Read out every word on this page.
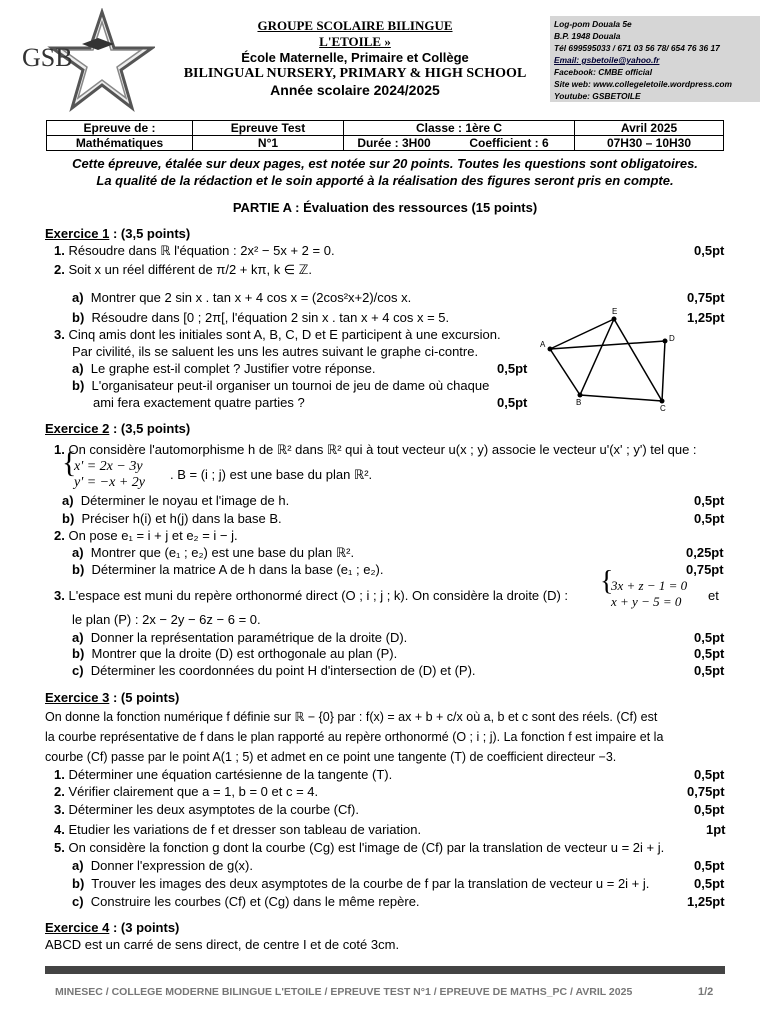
GSB
GROUPE SCOLAIRE BILINGUE
L'ETOILE »
École Maternelle, Primaire et Collège
BILINGUAL NURSERY, PRIMARY & HIGH SCHOOL
Année scolaire 2024/2025
Log-pom Douala 5e
B.P. 1948 Douala
Tél 699595033 / 671 03 56 78/ 654 76 36 17
Email: gsbetoile@yahoo.fr
Facebook: CMBE official
Site web: www.collegeletoile.wordpress.com
Youtube: GSBETOILE
Epreuve de :	Epreuve Test	Classe : 1ère C		Avril 2025
Mathématiques	N°1	Durée : 3H00	Coefficient : 6	07H30 – 10H30
Cette épreuve, étalée sur deux pages, est notée sur 20 points. Toutes les questions sont obligatoires.
La qualité de la rédaction et le soin apporté à la réalisation des figures seront pris en compte.
PARTIE A : Évaluation des ressources (15 points)
Exercice 1 : (3,5 points)
1. Résoudre dans ℝ l'équation : 2x² − 5x + 2 = 0.	0,5pt
2. Soit x un réel différent de π/2 + kπ, k ∈ ℤ.
a) Montrer que 2 sin x . tan x + 4 cos x = (2cos²x+2)/cos x.	0,75pt
b) Résoudre dans [0 ; 2π[, l'équation 2 sin x . tan x + 4 cos x = 5.	1,25pt
3. Cinq amis dont les initiales sont A, B, C, D et E participent à une excursion.
Par civilité, ils se saluent les uns les autres suivant le graphe ci-contre.
a) Le graphe est-il complet ? Justifier votre réponse.	0,5pt
b) L'organisateur peut-il organiser un tournoi de jeu de dame où chaque
ami fera exactement quatre parties ?	0,5pt
A
B
C
D
E
Exercice 2 : (3,5 points)
1. On considère l'automorphisme h de ℝ² dans ℝ² qui à tout vecteur u(x ; y) associe le vecteur u'(x' ; y') tel que :
{
x' = 2x − 3y
y' = −x + 2y
. B = (i ; j) est une base du plan ℝ².
a) Déterminer le noyau et l'image de h.	0,5pt
b) Préciser h(i) et h(j) dans la base B.	0,5pt
2. On pose e₁ = i + j et e₂ = i − j.
a) Montrer que (e₁ ; e₂) est une base du plan ℝ².	0,25pt
b) Déterminer la matrice A de h dans la base (e₁ ; e₂).	0,75pt
3. L'espace est muni du repère orthonormé direct (O ; i ; j ; k). On considère la droite (D) : {
3x + z − 1 = 0
x + y − 5 = 0	et
le plan (P) : 2x − 2y − 6z − 6 = 0.
a) Donner la représentation paramétrique de la droite (D).	0,5pt
b) Montrer que la droite (D) est orthogonale au plan (P).	0,5pt
c) Déterminer les coordonnées du point H d'intersection de (D) et (P).	0,5pt
Exercice 3 : (5 points)
On donne la fonction numérique f définie sur ℝ − {0} par : f(x) = ax + b + c/x où a, b et c sont des réels. (Cf) est
la courbe représentative de f dans le plan rapporté au repère orthonormé (O ; i ; j). La fonction f est impaire et la
courbe (Cf) passe par le point A(1 ; 5) et admet en ce point une tangente (T) de coefficient directeur −3.
1. Déterminer une équation cartésienne de la tangente (T).	0,5pt
2. Vérifier clairement que a = 1, b = 0 et c = 4.	0,75pt
3. Déterminer les deux asymptotes de la courbe (Cf).	0,5pt
4. Etudier les variations de f et dresser son tableau de variation.	1pt
5. On considère la fonction g dont la courbe (Cg) est l'image de (Cf) par la translation de vecteur u = 2i + j.
a) Donner l'expression de g(x).	0,5pt
b) Trouver les images des deux asymptotes de la courbe de f par la translation de vecteur u = 2i + j.	0,5pt
c) Construire les courbes (Cf) et (Cg) dans le même repère.	1,25pt
Exercice 4 : (3 points)
ABCD est un carré de sens direct, de centre I et de coté 3cm.
MINESEC / COLLEGE MODERNE BILINGUE L'ETOILE / EPREUVE TEST N°1 / EPREUVE DE MATHS_PC / AVRIL 2025	1/2
